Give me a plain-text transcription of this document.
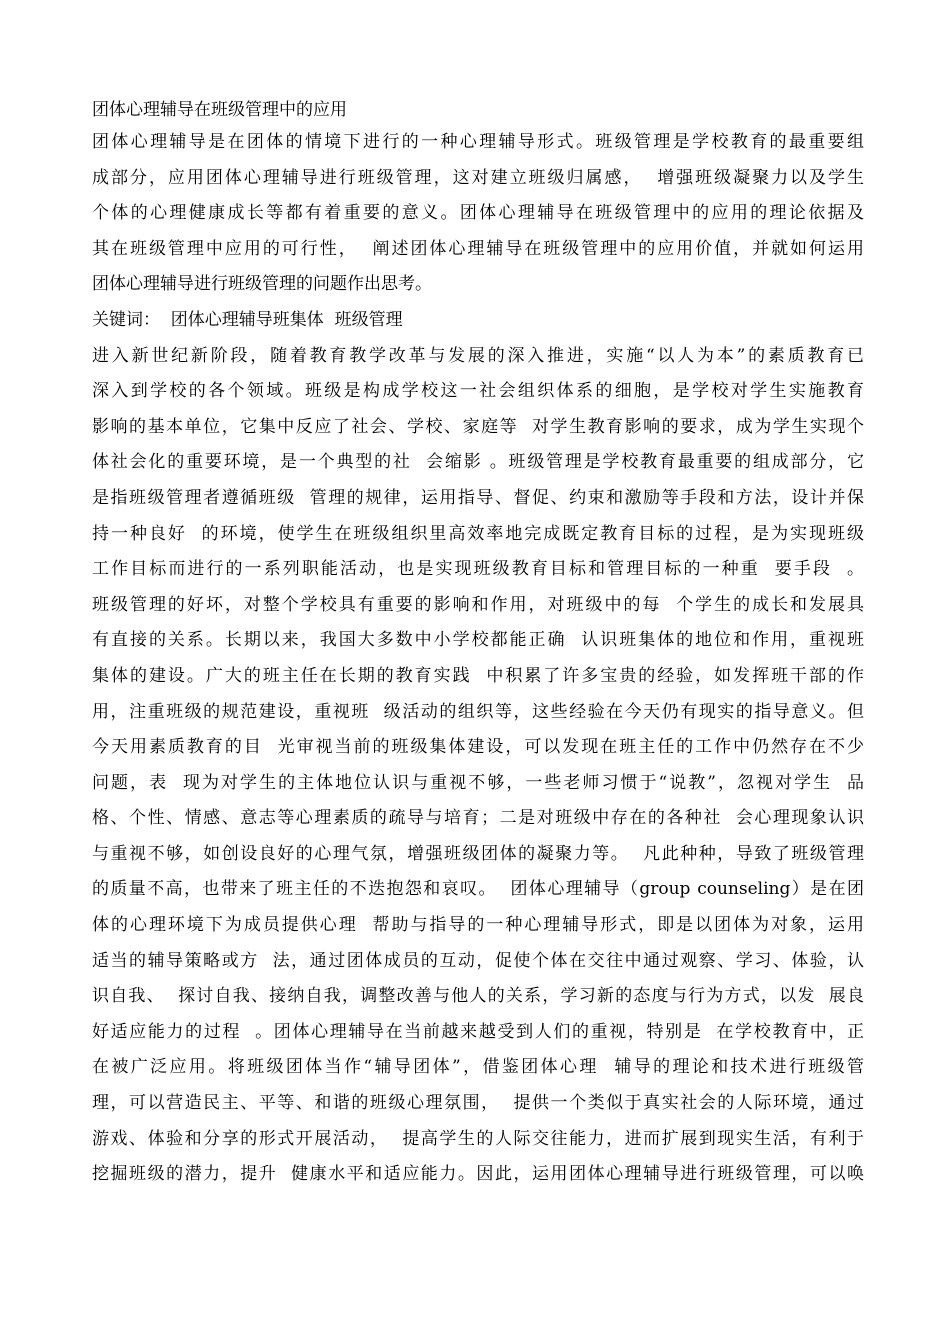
团体心理辅导在班级管理中的应用
团体心理辅导是在团体的情境下进行的一种心理辅导形式。班级管理是学校教育的最重要组
成部分，应用团体心理辅导进行班级管理，这对建立班级归属感，  增强班级凝聚力以及学生
个体的心理健康成长等都有着重要的意义。团体心理辅导在班级管理中的应用的理论依据及
其在班级管理中应用的可行性，  阐述团体心理辅导在班级管理中的应用价值，并就如何运用
团体心理辅导进行班级管理的问题作出思考。
关键词：  团体心理辅导班集体  班级管理
进入新世纪新阶段，随着教育教学改革与发展的深入推进，实施“以人为本”的素质教育已
深入到学校的各个领域。班级是构成学校这一社会组织体系的细胞，是学校对学生实施教育
影响的基本单位，它集中反应了社会、学校、家庭等  对学生教育影响的要求，成为学生实现个
体社会化的重要环境，是一个典型的社  会缩影 。班级管理是学校教育最重要的组成部分，它
是指班级管理者遵循班级  管理的规律，运用指导、督促、约束和激励等手段和方法，设计并保
持一种良好  的环境，使学生在班级组织里高效率地完成既定教育目标的过程，是为实现班级
工作目标而进行的一系列职能活动，也是实现班级教育目标和管理目标的一种重  要手段  。
班级管理的好坏，对整个学校具有重要的影响和作用，对班级中的每  个学生的成长和发展具
有直接的关系。长期以来，我国大多数中小学校都能正确  认识班集体的地位和作用，重视班
集体的建设。广大的班主任在长期的教育实践  中积累了许多宝贵的经验，如发挥班干部的作
用，注重班级的规范建设，重视班  级活动的组织等，这些经验在今天仍有现实的指导意义。但
今天用素质教育的目  光审视当前的班级集体建设，可以发现在班主任的工作中仍然存在不少
问题，表  现为对学生的主体地位认识与重视不够，一些老师习惯于“说教”，忽视对学生  品
格、个性、情感、意志等心理素质的疏导与培育；二是对班级中存在的各种社  会心理现象认识
与重视不够，如创设良好的心理气氛，增强班级团体的凝聚力等。  凡此种种，导致了班级管理
的质量不高，也带来了班主任的不迭抱怨和哀叹。  团体心理辅导（group counseling）是在团
体的心理环境下为成员提供心理  帮助与指导的一种心理辅导形式，即是以团体为对象，运用
适当的辅导策略或方  法，通过团体成员的互动，促使个体在交往中通过观察、学习、体验，认
识自我、  探讨自我、接纳自我，调整改善与他人的关系，学习新的态度与行为方式，以发  展良
好适应能力的过程  。团体心理辅导在当前越来越受到人们的重视，特别是  在学校教育中，正
在被广泛应用。将班级团体当作“辅导团体”，借鉴团体心理  辅导的理论和技术进行班级管
理，可以营造民主、平等、和谐的班级心理氛围，  提供一个类似于真实社会的人际环境，通过
游戏、体验和分享的形式开展活动，  提高学生的人际交往能力，进而扩展到现实生活，有利于
挖掘班级的潜力，提升  健康水平和适应能力。因此，运用团体心理辅导进行班级管理，可以唤
